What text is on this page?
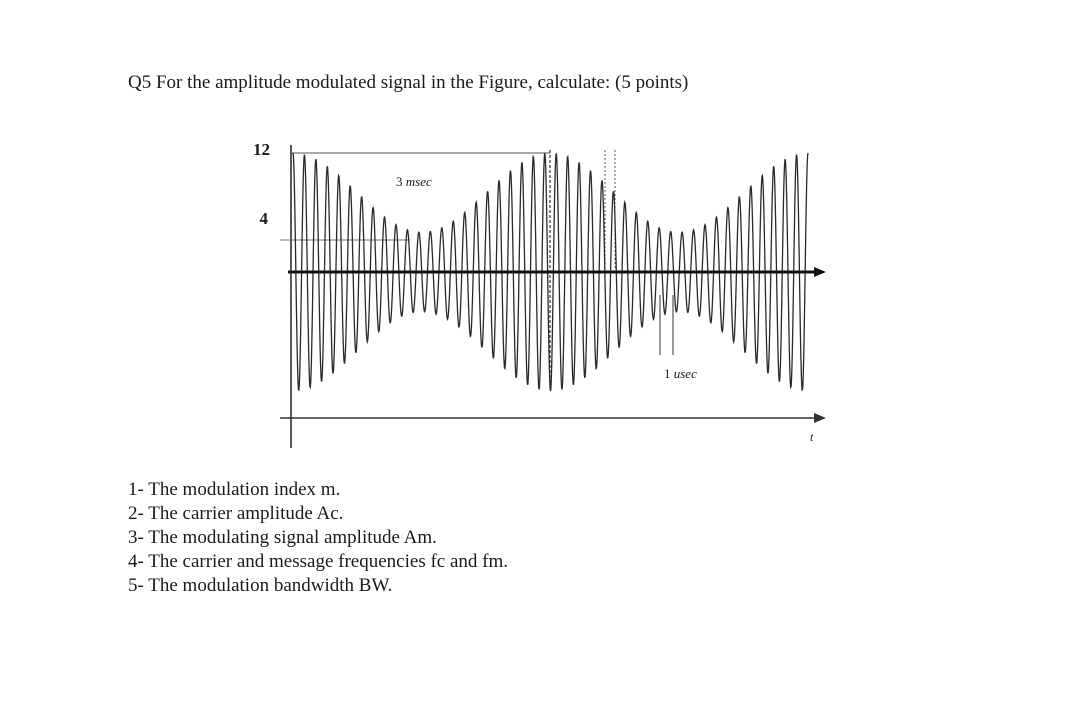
Q5 For the amplitude modulated signal in the Figure, calculate: (5 points)
12
4
3 msec
1 usec
t
1- The modulation index m.
2- The carrier amplitude Ac.
3- The modulating signal amplitude Am.
4- The carrier and message frequencies fc and fm.
5- The modulation bandwidth BW.
